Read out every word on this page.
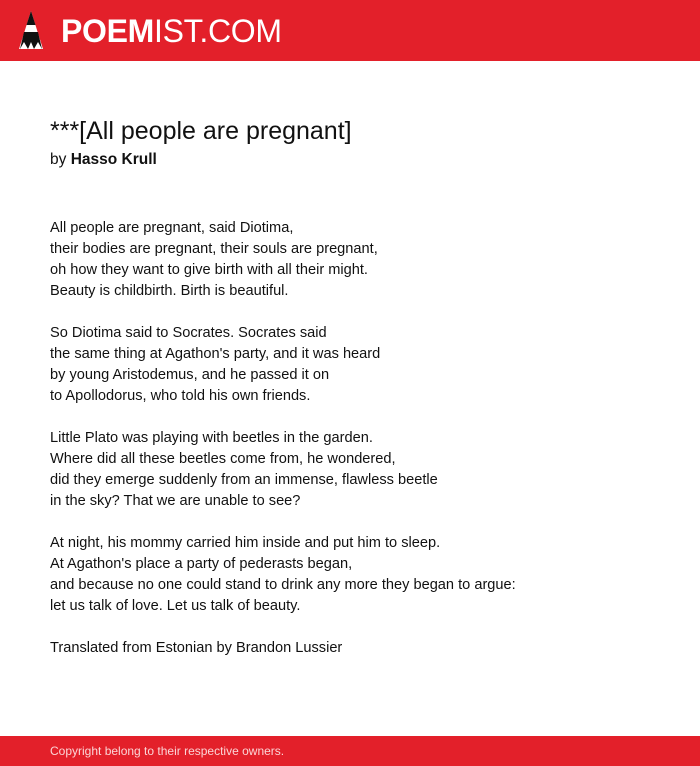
POEMIST.COM
***[All people are pregnant]
by Hasso Krull
All people are pregnant, said Diotima,
their bodies are pregnant, their souls are pregnant,
oh how they want to give birth with all their might.
Beauty is childbirth. Birth is beautiful.
So Diotima said to Socrates. Socrates said
the same thing at Agathon's party, and it was heard
by young Aristodemus, and he passed it on
to Apollodorus, who told his own friends.
Little Plato was playing with beetles in the garden.
Where did all these beetles come from, he wondered,
did they emerge suddenly from an immense, flawless beetle
in the sky? That we are unable to see?
At night, his mommy carried him inside and put him to sleep.
At Agathon's place a party of pederasts began,
and because no one could stand to drink any more they began to argue:
let us talk of love. Let us talk of beauty.
Translated from Estonian by Brandon Lussier
Copyright belong to their respective owners.
